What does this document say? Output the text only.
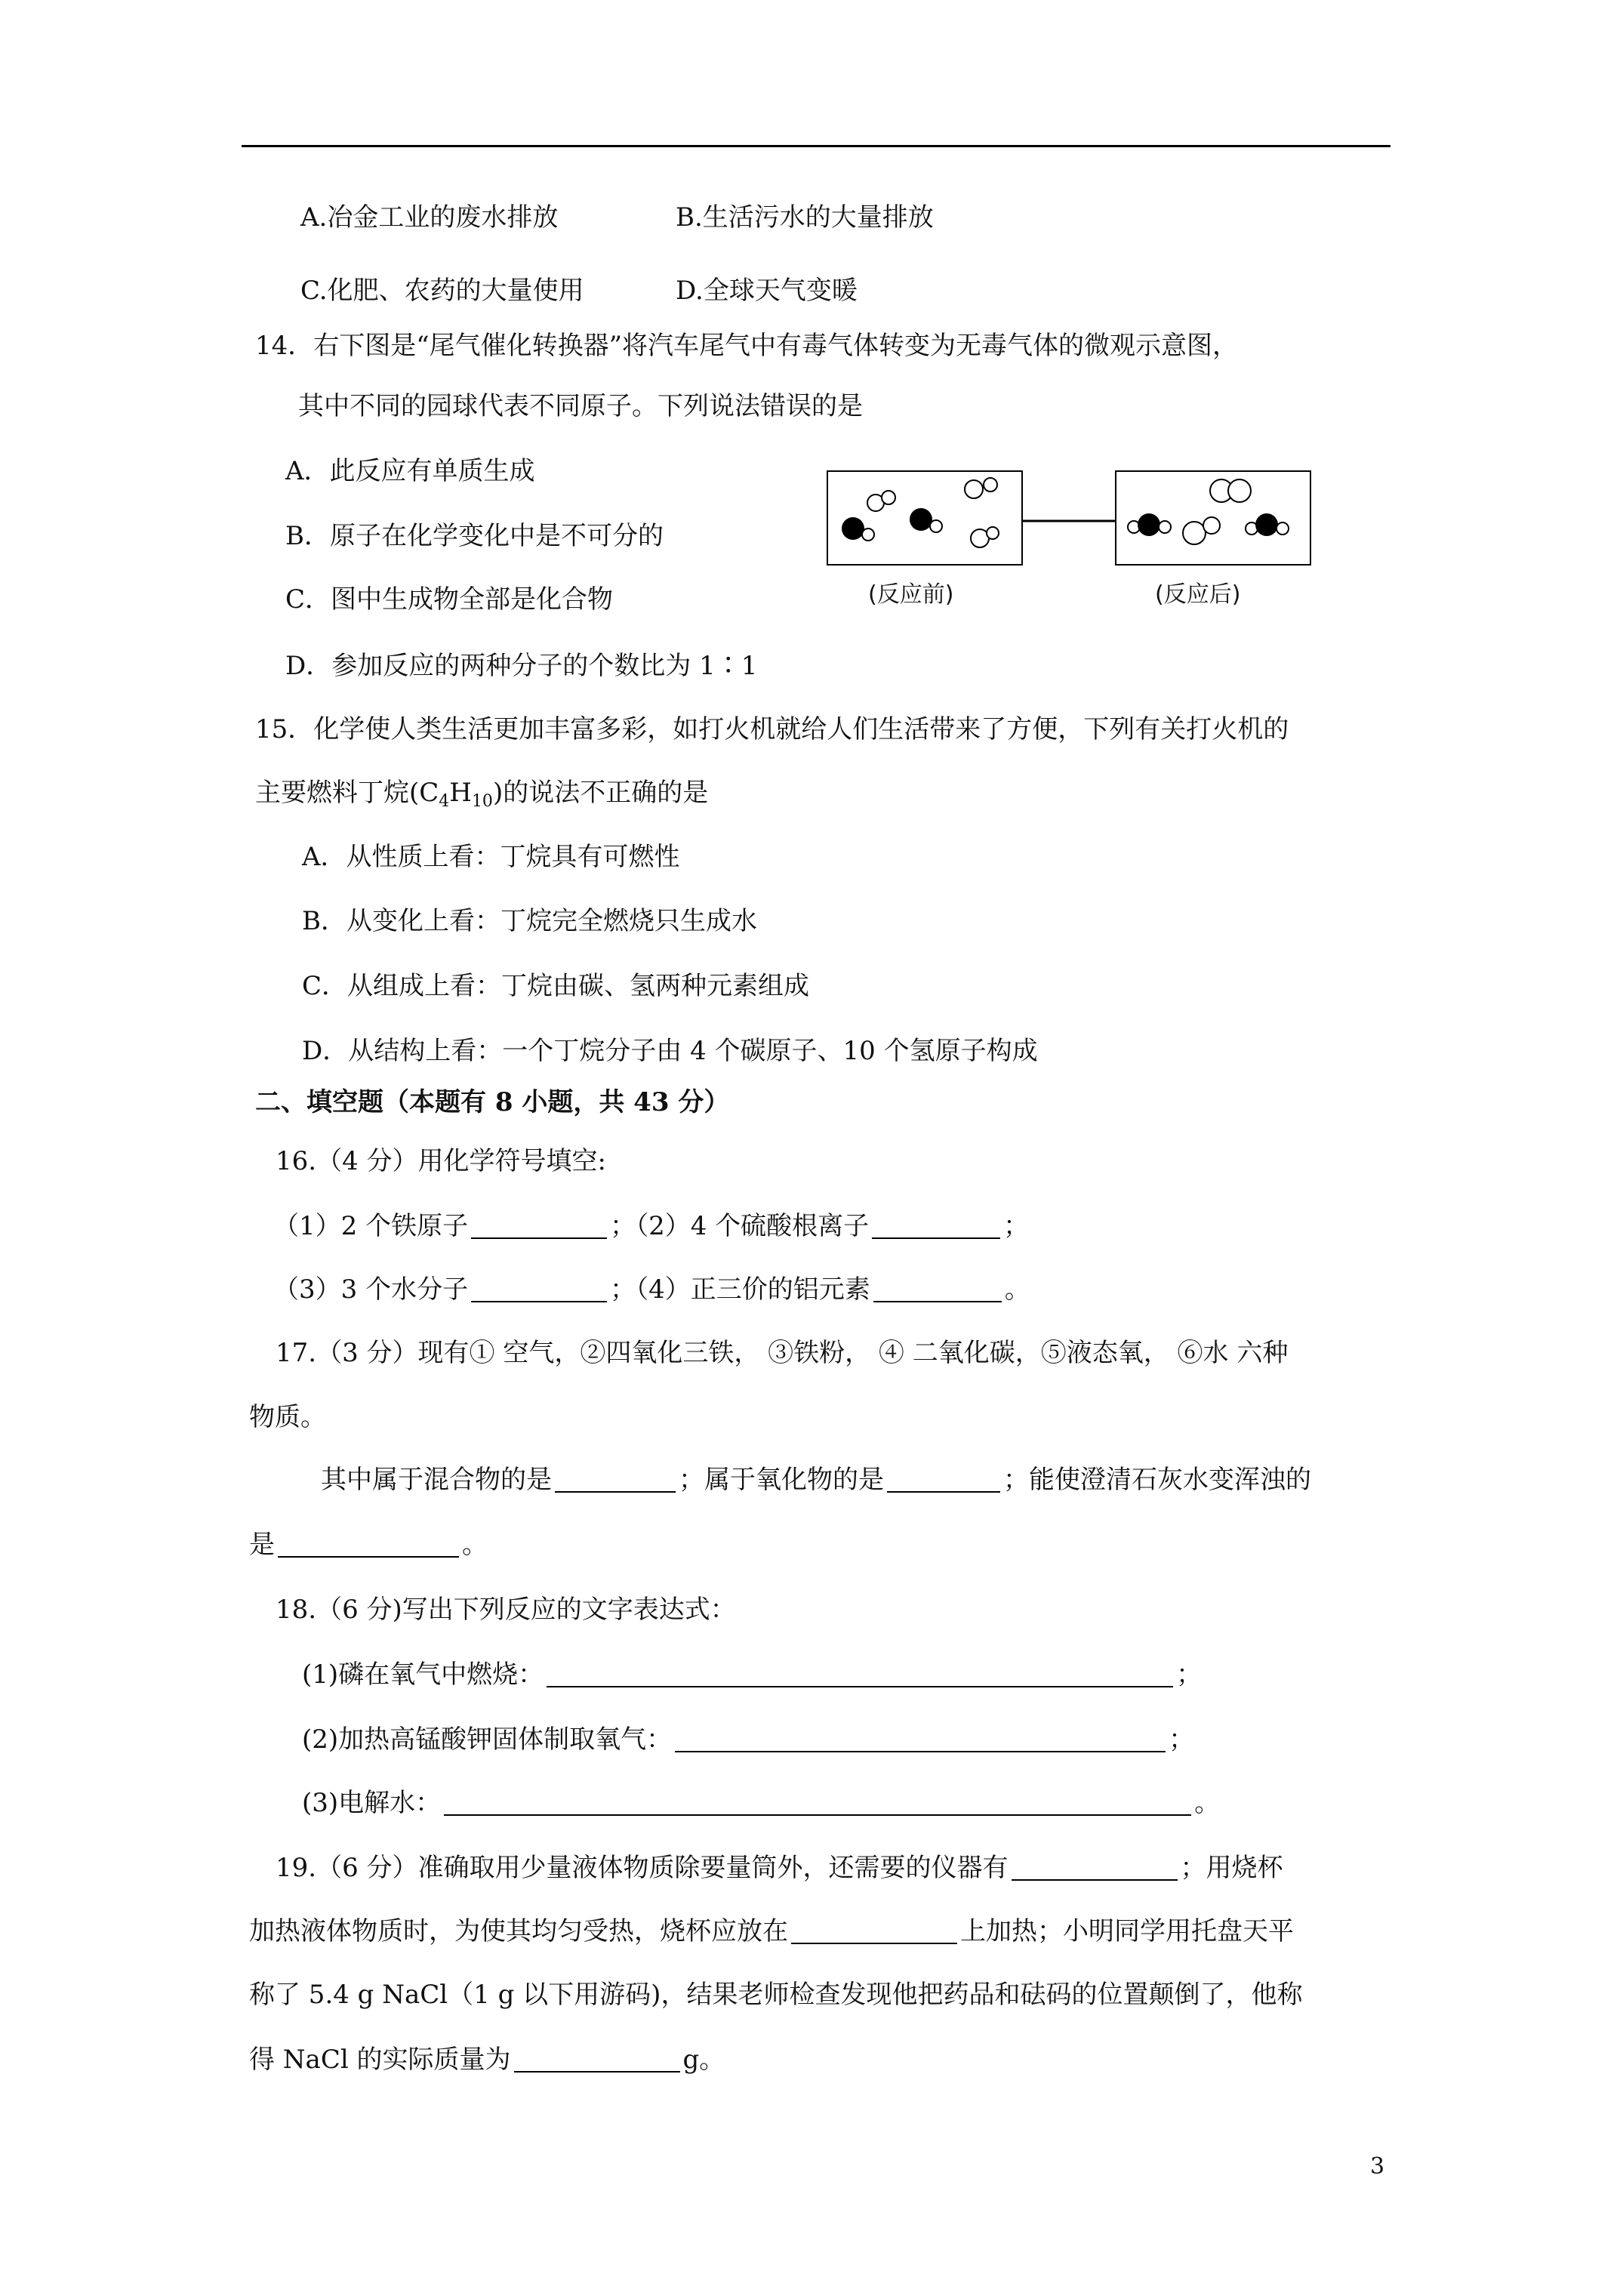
A.冶金工业的废水排放	B.生活污水的大量排放
C.化肥、农药的大量使用	D.全球天气变暖
14．右下图是“尾气催化转换器”将汽车尾气中有毒气体转变为无毒气体的微观示意图，
其中不同的园球代表不同原子。下列说法错误的是
A．此反应有单质生成
B．原子在化学变化中是不可分的
C．图中生成物全部是化合物
D．参加反应的两种分子的个数比为 1∶1
(反应前)	(反应后)
15．化学使人类生活更加丰富多彩，如打火机就给人们生活带来了方便，下列有关打火机的
主要燃料丁烷$(C_4H_{10})$的说法不正确的是
A．从性质上看：丁烷具有可燃性
B．从变化上看：丁烷完全燃烧只生成水
C．从组成上看：丁烷由碳、氢两种元素组成
D．从结构上看：一个丁烷分子由 4 个碳原子、10 个氢原子构成
二、填空题（本题有 8 小题，共 43 分）
16.（4 分）用化学符号填空:
（1）2 个铁原子	；（2）4 个硫酸根离子	；
（3）3 个水分子	；（4）正三价的铝元素	。
17.（3 分）现有① 空气，②四氧化三铁， ③铁粉， ④ 二氧化碳，⑤液态氧， ⑥水 六种
物质。
其中属于混合物的是	；属于氧化物的是	；能使澄清石灰水变浑浊的
是	。
18.（6 分)写出下列反应的文字表达式：
(1)磷在氧气中燃烧：	；
(2)加热高锰酸钾固体制取氧气：	；
(3)电解水：	。
19.（6 分）准确取用少量液体物质除要量筒外，还需要的仪器有	；用烧杯
加热液体物质时，为使其均匀受热，烧杯应放在	上加热；小明同学用托盘天平
称了 5.4 g NaCl（1 g 以下用游码)，结果老师检查发现他把药品和砝码的位置颠倒了，他称
得 NaCl 的实际质量为	g。
3
